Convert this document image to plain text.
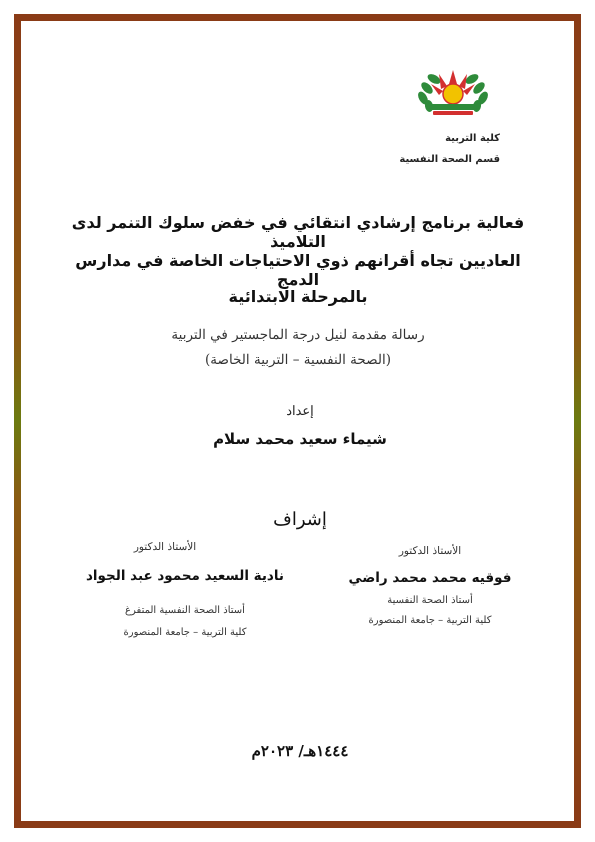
كلية التربية
قسم الصحة النفسية
فعالية برنامج إرشادي انتقائي في خفض سلوك التنمر لدى التلاميذ
العاديين تجاه أقرانهم ذوي الاحتياجات الخاصة في مدارس الدمج
بالمرحلة الابتدائية
رسالة مقدمة لنيل درجة الماجستير في التربية
(الصحة النفسية – التربية الخاصة)
إعداد
شيماء سعيد محمد سلام
إشراف
الأستاذ الدكتور
فوقيه محمد محمد راضي
أستاذ الصحة النفسية
كلية التربية – جامعة المنصورة
الأستاذ الدكتور
نادية السعيد محمود عبد الجواد
أستاذ الصحة النفسية المتفرغ
كلية التربية – جامعة المنصورة
١٤٤٤هـ/ ٢٠٢٣م
